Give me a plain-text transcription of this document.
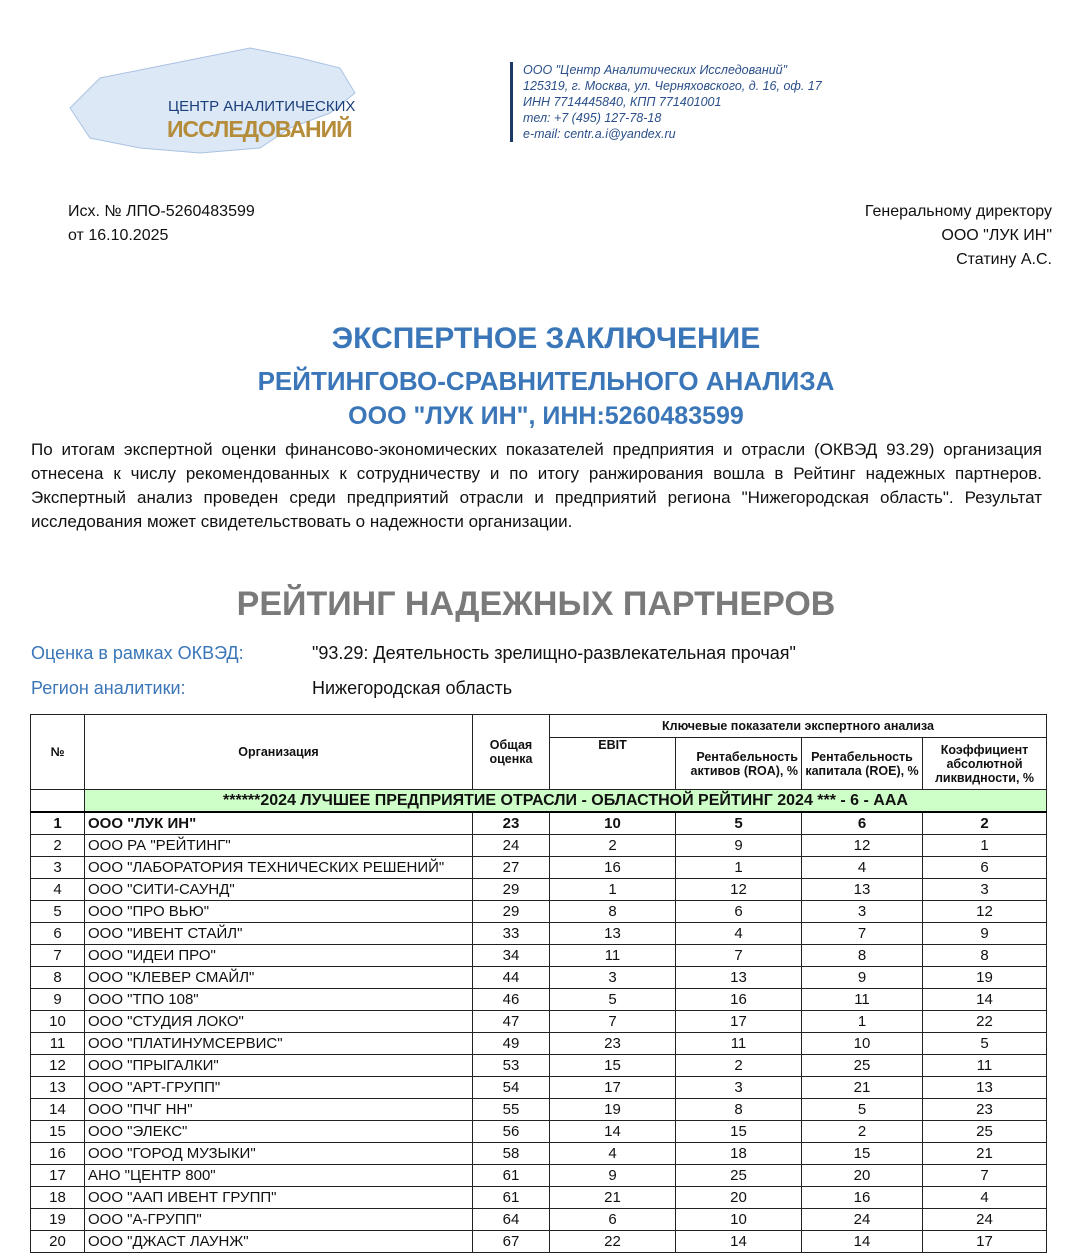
ЦЕНТР АНАЛИТИЧЕСКИХ
ИССЛЕДОВАНИЙ
ООО "Центр Аналитических Исследований"
125319, г. Москва, ул. Черняховского, д. 16, оф. 17
ИНН 7714445840, КПП 771401001
тел: +7 (495) 127-78-18
e-mail: centr.a.i@yandex.ru
Исх. № ЛПО-5260483599
от 16.10.2025
Генеральному директору
ООО "ЛУК ИН"
Статину А.С.
ЭКСПЕРТНОЕ ЗАКЛЮЧЕНИЕ
РЕЙТИНГОВО-СРАВНИТЕЛЬНОГО АНАЛИЗА
ООО "ЛУК ИН", ИНН:5260483599
По итогам экспертной оценки финансово-экономических показателей предприятия и отрасли (ОКВЭД 93.29) организация отнесена к числу рекомендованных к сотрудничеству и по итогу ранжирования вошла в Рейтинг надежных партнеров. Экспертный анализ проведен среди предприятий отрасли и предприятий региона "Нижегородская область". Результат исследования может свидетельствовать о надежности организации.
РЕЙТИНГ НАДЕЖНЫХ ПАРТНЕРОВ
Оценка в рамках ОКВЭД:	"93.29: Деятельность зрелищно-развлекательная прочая"
Регион аналитики:	Нижегородская область
№	Организация	Общая оценка	Ключевые показатели экспертного анализа			
			EBIT	Рентабельность активов (ROA), %	Рентабельность капитала (ROE), %	Коэффициент абсолютной ликвидности, %
	******2024 ЛУЧШЕЕ ПРЕДПРИЯТИЕ ОТРАСЛИ - ОБЛАСТНОЙ РЕЙТИНГ 2024 *** - 6 - ААА					
1	ООО "ЛУК ИН"	23	10	5	6	2
2	ООО РА "РЕЙТИНГ"	24	2	9	12	1
3	ООО "ЛАБОРАТОРИЯ ТЕХНИЧЕСКИХ РЕШЕНИЙ"	27	16	1	4	6
4	ООО "СИТИ-САУНД"	29	1	12	13	3
5	ООО "ПРО ВЬЮ"	29	8	6	3	12
6	ООО "ИВЕНТ СТАЙЛ"	33	13	4	7	9
7	ООО "ИДЕИ ПРО"	34	11	7	8	8
8	ООО "КЛЕВЕР СМАЙЛ"	44	3	13	9	19
9	ООО "ТПО 108"	46	5	16	11	14
10	ООО "СТУДИЯ ЛОКО"	47	7	17	1	22
11	ООО "ПЛАТИНУМСЕРВИС"	49	23	11	10	5
12	ООО "ПРЫГАЛКИ"	53	15	2	25	11
13	ООО "АРТ-ГРУПП"	54	17	3	21	13
14	ООО "ПЧГ НН"	55	19	8	5	23
15	ООО "ЭЛЕКС"	56	14	15	2	25
16	ООО "ГОРОД МУЗЫКИ"	58	4	18	15	21
17	АНО "ЦЕНТР 800"	61	9	25	20	7
18	ООО "ААП ИВЕНТ ГРУПП"	61	21	20	16	4
19	ООО "А-ГРУПП"	64	6	10	24	24
20	ООО "ДЖАСТ ЛАУНЖ"	67	22	14	14	17
